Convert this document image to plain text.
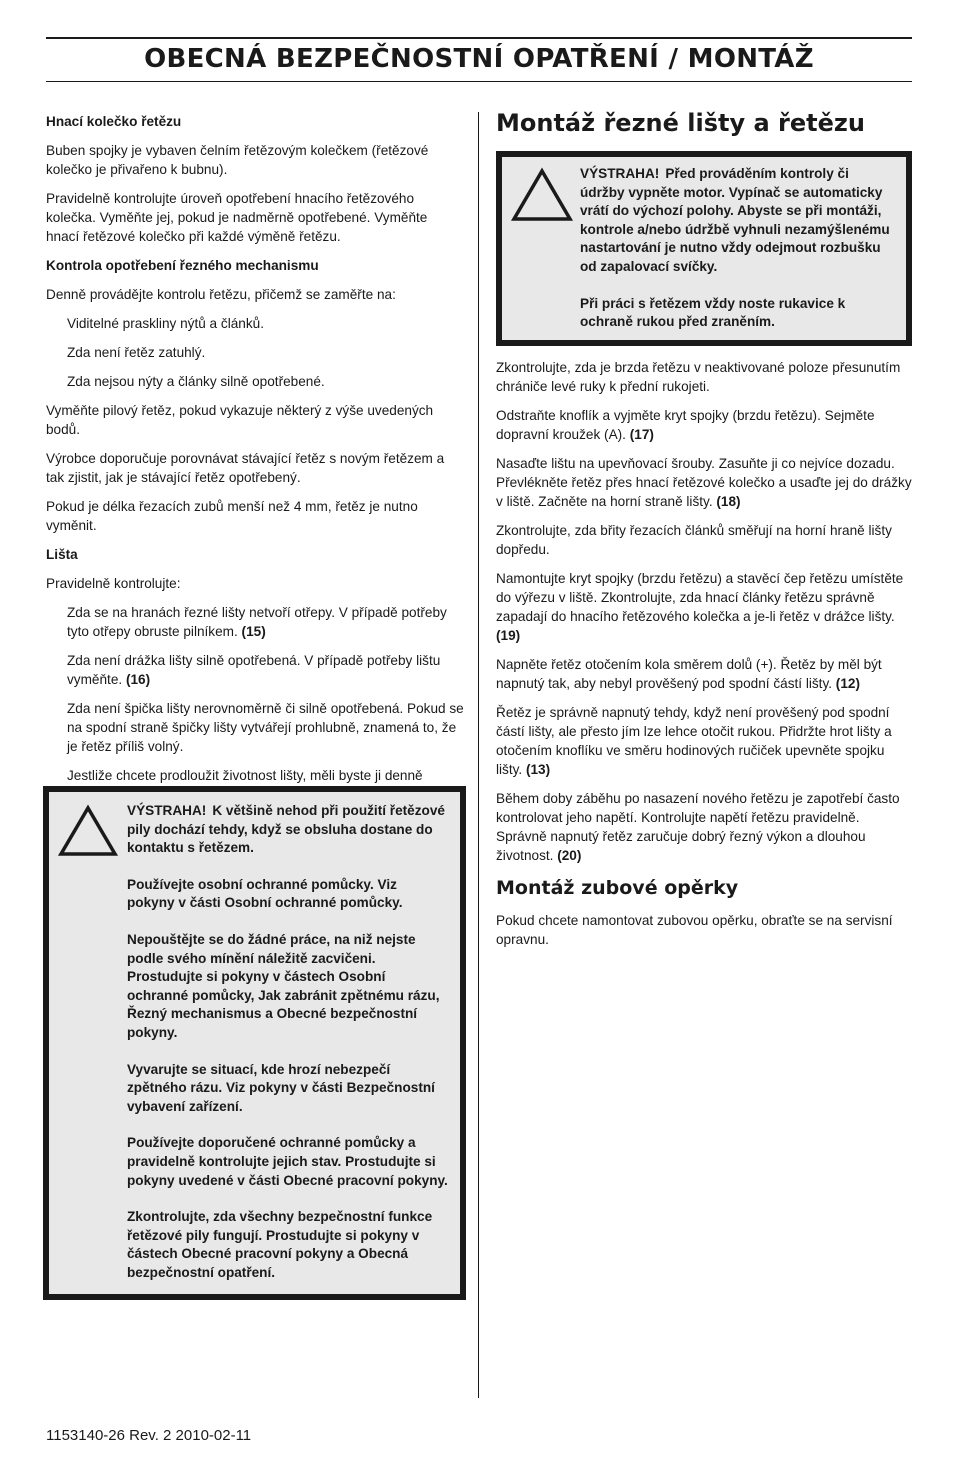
OBECNÁ BEZPEČNOSTNÍ OPATŘENÍ / MONTÁŽ
Hnací kolečko řetězu

Buben spojky je vybaven čelním řetězovým kolečkem (řetězové kolečko je přivařeno k bubnu).

Pravidelně kontrolujte úroveň opotřebení hnacího řetězového kolečka. Vyměňte jej, pokud je nadměrně opotřebené. Vyměňte hnací řetězové kolečko při každé výměně řetězu.

Kontrola opotřebení řezného mechanismu

Denně provádějte kontrolu řetězu, přičemž se zaměřte na:

Viditelné praskliny nýtů a článků.

Zda není řetěz zatuhlý.

Zda nejsou nýty a články silně opotřebené.

Vyměňte pilový řetěz, pokud vykazuje některý z výše uvedených bodů.

Výrobce doporučuje porovnávat stávající řetěz s novým řetězem a tak zjistit, jak je stávající řetěz opotřebený.

Pokud je délka řezacích zubů menší než 4 mm, řetěz je nutno vyměnit.

Lišta

Pravidelně kontrolujte:

Zda se na hranách řezné lišty netvoří otřepy. V případě potřeby tyto otřepy obruste pilníkem. (15)

Zda není drážka lišty silně opotřebená. V případě potřeby lištu vyměňte. (16)

Zda není špička lišty nerovnoměrně či silně opotřebená. Pokud se na spodní straně špičky lišty vytvářejí prohlubně, znamená to, že je řetěz příliš volný.

Jestliže chcete prodloužit životnost lišty, měli byste ji denně

VÝSTRAHA! K většině nehod při použití řetězové pily dochází tehdy, když se obsluha dostane do kontaktu s řetězem.
Používejte osobní ochranné pomůcky. Viz pokyny v části Osobní ochranné pomůcky.
Nepouštějte se do žádné práce, na niž nejste podle svého mínění náležitě zacvičeni. Prostudujte si pokyny v částech Osobní ochranné pomůcky, Jak zabránit zpětnému rázu, Řezný mechanismus a Obecné bezpečnostní pokyny.
Vyvarujte se situací, kde hrozí nebezpečí zpětného rázu. Viz pokyny v části Bezpečnostní vybavení zařízení.
Používejte doporučené ochranné pomůcky a pravidelně kontrolujte jejich stav. Prostudujte si pokyny uvedené v části Obecné pracovní pokyny.
Zkontrolujte, zda všechny bezpečnostní funkce řetězové pily fungují. Prostudujte si pokyny v částech Obecné pracovní pokyny a Obecná bezpečnostní opatření.
Montáž řezné lišty a řetězu
VÝSTRAHA! Před prováděním kontroly či údržby vypněte motor. Vypínač se automaticky vrátí do výchozí polohy. Abyste se při montáži, kontrole a/nebo údržbě vyhnuli nezamýšlenému nastartování je nutno vždy odejmout rozbušku od zapalovací svíčky.
Při práci s řetězem vždy noste rukavice k ochraně rukou před zraněním.

Zkontrolujte, zda je brzda řetězu v neaktivované poloze přesunutím chrániče levé ruky k přední rukojeti.

Odstraňte knoflík a vyjměte kryt spojky (brzdu řetězu). Sejměte dopravní kroužek (A). (17)

Nasaďte lištu na upevňovací šrouby. Zasuňte ji co nejvíce dozadu. Převlékněte řetěz přes hnací řetězové kolečko a usaďte jej do drážky v liště. Začněte na horní straně lišty. (18)

Zkontrolujte, zda břity řezacích článků směřují na horní hraně lišty dopředu.

Namontujte kryt spojky (brzdu řetězu) a stavěcí čep řetězu umístěte do výřezu v liště. Zkontrolujte, zda hnací články řetězu správně zapadají do hnacího řetězového kolečka a je-li řetěz v drážce lišty. (19)

Napněte řetěz otočením kola směrem dolů (+). Řetěz by měl být napnutý tak, aby nebyl prověšený pod spodní částí lišty. (12)

Řetěz je správně napnutý tehdy, když není prověšený pod spodní částí lišty, ale přesto jím lze lehce otočit rukou. Přidržte hrot lišty a otočením knoflíku ve směru hodinových ručiček upevněte spojku lišty. (13)

Během doby záběhu po nasazení nového řetězu je zapotřebí často kontrolovat jeho napětí. Kontrolujte napětí řetězu pravidelně. Správně napnutý řetěz zaručuje dobrý řezný výkon a dlouhou životnost. (20)

Montáž zubové opěrky

Pokud chcete namontovat zubovou opěrku, obraťte se na servisní opravnu.

1153140-26 Rev. 2 2010-02-11
